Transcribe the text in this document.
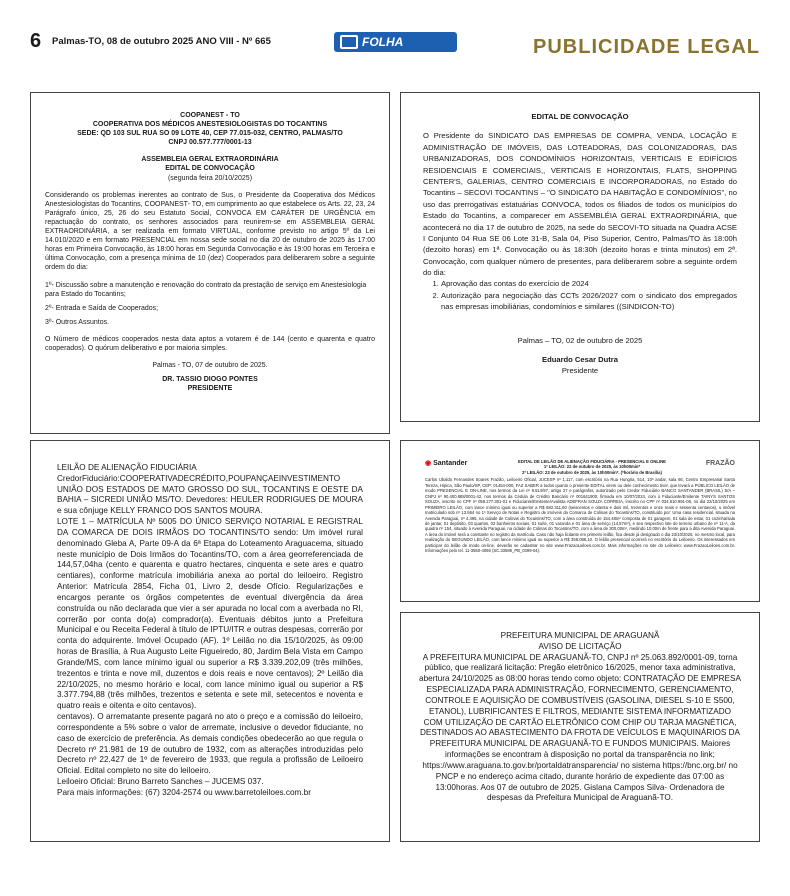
6 Palmas-TO, 08 de outubro 2025 ANO VIII - Nº 665	FOLHA CAPITAL
PUBLICIDADE LEGAL
COOPANEST - TO
COOPERATIVA DOS MÉDICOS ANESTESIOLOGISTAS DO TOCANTINS
SEDE: QD 103 SUL RUA SO 09 LOTE 40, CEP 77.015-032, CENTRO, PALMAS/TO
CNPJ 00.577.777/0001-13
ASSEMBLEIA GERAL EXTRAORDINÁRIA
EDITAL DE CONVOCAÇÃO
(segunda feira 20/10/2025)

Considerando os problemas inerentes ao contrato de Sus, o Presidente da Cooperativa dos Médicos Anestesiologistas do Tocantins, COOPANEST- TO, em cumprimento ao que estabelece os Arts. 22, 23, 24 Parágrafo único, 25, 26 do seu Estatuto Social, CONVOCA EM CARÁTER DE URGÊNCIA em repactuação do contrato, os senhores associados para reunirem-se em ASSEMBLEIA GERAL EXTRAORDINÁRIA, a ser realizada em formato VIRTUAL, conforme previsto no artigo 5º da Lei 14.010/2020 e em formato PRESENCIAL em nossa sede social no dia 20 de outubro de 2025 às 17:00 horas em Primeira Convocação, às 18:00 horas em Segunda Convocação e às 19:00 horas em Terceira e última Convocação, com a presença mínima de 10 (dez) Cooperados para deliberarem sobre a seguinte ordem do dia:

1º- Discussão sobre a manutenção e renovação do contrato da prestação de serviço em Anestesiologia para Estado do Tocantins;

2º- Entrada e Saída de Cooperados;

3º- Outros Assuntos.

O Número de médicos cooperados nesta data aptos a votarem é de 144 (cento e quarenta e quatro cooperados). O quórum deliberativo e por maioria simples.

Palmas - TO, 07 de outubro de 2025.

DR. TASSIO DIOGO PONTES

PRESIDENTE

EDITAL DE CONVOCAÇÃO

O Presidente do SINDICATO DAS EMPRESAS DE COMPRA, VENDA, LOCAÇÃO E ADMINISTRAÇÃO DE IMÓVEIS, DAS LOTEADORAS, DAS COLONIZADORAS, DAS URBANIZADORAS, DOS CONDOMÍNIOS HORIZONTAIS, VERTICAIS E EDIFÍCIOS RESIDENCIAIS E COMERCIAIS,, VERTICAIS E HORIZONTAIS, FLATS, SHOPPING CENTER'S, GALERIAS, CENTRO COMERCIAIS E INCORPORADORAS, no Estado do Tocantins – SECOVI TOCANTINS – "O SINDICATO DA HABITAÇÃO E CONDOMÍNIOS", no uso das prerrogativas estatuárias CONVOCA, todos os filiados de todos os municípios do Estado do Tocantins, a comparecer em ASSEMBLÉIA GERAL EXTRAORDINÁRIA, que acontecerá no dia 17 de outubro de 2025, na sede do SECOVI-TO situada na Quadra ACSE I Conjunto 04 Rua SE 06 Lote 31-B, Sala 04, Piso Superior, Centro, Palmas/TO às 18:00h (dezoito horas) em 1ª. Convocação ou às 18:30h (dezoito horas e trinta minutos) em 2ª. Convocação, com qualquer número de presentes, para deliberarem sobre a seguinte ordem do dia:

1. Aprovação das contas do exercício de 2024
2. Autorização para negociação das CCTs 2026/2027 com o sindicato dos empregados nas empresas imobiliárias, condomínios e similares ((SINDICON-TO)

Palmas – TO, 02 de outubro de 2025

Eduardo Cesar Dutra

Presidente

LEILÃO DE ALIENAÇÃO FIDUCIÁRIA

CredorFiduciário:COOPERATIVADECRÉDITO,POUPANÇAEINVESTIMENTO UNIÃO DOS ESTADOS DE MATO GROSSO DO SUL, TOCANTINS E OESTE DA BAHIA – SICREDI UNIÃO MS/TO. Devedores: HEULER RODRIGUES DE MOURA e sua cônjuge KELLY FRANCO DOS SANTOS MOURA.

LOTE 1 – MATRÍCULA Nº 5005 DO ÚNICO SERVIÇO NOTARIAL E REGISTRAL DA COMARCA DE DOIS IRMÃOS DO TOCANTINS/TO sendo: Um imóvel rural denominado Gleba A, Parte 09-A da 6ª Etapa do Loteamento Araguacema, situado neste município de Dois Irmãos do Tocantins/TO, com a área georreferenciada de 144,57,04ha (cento e quarenta e quatro hectares, cinquenta e sete ares e quatro centiares), conforme matrícula imobiliária anexa ao portal do leiloeiro. Registro Anterior: Matrícula 2854, Ficha 01, Livro 2, desde Ofício. Regularizações e encargos perante os órgãos competentes de eventual divergência da área construída ou não declarada que vier a ser apurada no local com a averbada no RI, correrão por conta do(a) comprador(a). Eventuais débitos junto a Prefeitura Municipal e ou Receita Federal à título de IPTU/ITR e outras despesas, correrão por conta do adquirente. Imóvel Ocupado (AF). 1º Leilão no dia 15/10/2025, às 09:00 horas de Brasília, à Rua Augusto Leite Figueiredo, 80, Jardim Bela Vista em Campo Grande/MS, com lance mínimo igual ou superior a R$ 3.339.202,09 (três milhões, trezentos e trinta e nove mil, duzentos e dois reais e nove centavos); 2º Leilão dia 22/10/2025, no mesmo horário e local, com lance mínimo igual ou superior a R$ 3.377.794,88 (três milhões, trezentos e setenta e sete mil, setecentos e noventa e quatro reais e oitenta e oito centavos).

centavos). O arrematante presente pagará no ato o preço e a comissão do leiloeiro, correspondente a 5% sobre o valor de arremate, inclusive o devedor fiduciante, no caso de exercício de preferência. As demais condições obedecerão ao que regula o Decreto nº 21.981 de 19 de outubro de 1932, com as alterações introduzidas pelo Decreto nº 22.427 de 1º de fevereiro de 1933, que regula a profissão de Leiloeiro Oficial. Edital completo no site do leiloeiro.

Leiloeiro Oficial: Bruno Barreto Sanches – JUCEMS 037.

Para mais informações: (67) 3204-2574 ou www.barretoleiloes.com.br

◉ Santander	EDITAL DE LEILÃO DE ALIENAÇÃO FIDUCIÁRIA - PRESENCIAL E ONLINE
1º LEILÃO: 22 de outubro de 2025, às 10h00min*
2º LEILÃO: 23 de outubro de 2025, às 10h00min*. (*horário de Brasília)
FRAZÃO

Carlos Ubaldo Fernandes Soares Frazão, Leiloeiro Oficial, JUCESP nº 1.117, com escritório na Rua Hungria, 514, 10º andar, sala 66, Centro Empresarial Santa Tereza, Hipica, São Paulo/SP, CEP: 01454-000, FAZ SABER a todos quanto o presente EDITAL virem ou dele conhecimento tiver, que levará a PÚBLICO LEILÃO de modo PRESENCIAL E ON-LINE, nos termos da Lei nº 9.514/97, artigo 27 e parágrafos, autorizado pelo Credor Fiduciário BANCO SANTANDER (BRASIL) S/A – CNPJ nº 90.400.888/0001-42, nos termos da Cédula de Crédito Bancário nº 001641900, firmada em 10/07/2024, com o Fiduciante/Emitente TAINYS SANTOS SOUZA, inscrito no CPF nº 059.277.301-01 e Fiduciante/Emitente/Avalista ADEFRAN SOUZA CORREIA, inscrito no CPF nº 034.610.991-06, no dia 22/10/2025 em PRIMEIRO LEILÃO, com lance mínimo igual ou superior a R$ 682.311,60 (seiscentos e oitenta e dois mil, trezentos e onze reais e sessenta centavos), o imóvel matriculado sob nº 13.564 no 1º Serviço de Notas e Registro de Imóveis da Comarca de Colinas do Tocantins/TO, constituído por: Uma casa residencial, situada na Avenida Paraguai, nº 4.495, na cidade de Colinas do Tocantins/TO, com a área construída de 154,48m² composta de 01 garagem, 01 sala de estar, 01 cozinha/sala de jantar, 01 depósito, 03 quartos, 02 banheiros sociais, 01 suíte, 01 varanda e 01 área de serviço (14,57m²), e seu respectivo lote de terreno urbano de nº 11-A, da quadra nº 154, situado à Avenida Paraguai, na cidade de Colinas do Tocantins/TO, com a área de 300,00m², medindo 10,00m de frente para a dita Avenida Paraguai. A área do imóvel será a constante no registro da matrícula. Caso não haja licitante em primeiro leilão, fica desde já designado o dia 23/10/2025, no mesmo local, para realização do SEGUNDO LEILÃO, com lance mínimo igual ou superior a R$ 356.086,10. O leilão presencial ocorrerá no escritório do Leiloeiro. Os interessados em participar do leilão de modo on-line, deverão se cadastrar no site www.FrazaoLeiloes.com.br. Mais informações no site do Leiloeiro: www.FrazaoLeiloes.com.br. Informações pelo tel. 11-3550-4066 (SC.33589_PB_0399-04).

PREFEITURA MUNICIPAL DE ARAGUANÃ

AVISO DE LICITAÇÃO

A PREFEITURA MUNICIPAL DE ARAGUANÃ-TO, CNPJ nº 25.063.892/0001-09, torna público, que realizará licitação: Pregão eletrônico 16/2025, menor taxa administrativa, abertura 24/10/2025 as 08:00 horas tendo como objeto: CONTRATAÇÃO DE EMPRESA ESPECIALIZADA PARA ADMINISTRAÇÃO, FORNECIMENTO, GERENCIAMENTO, CONTROLE E AQUISIÇÃO DE COMBUSTÍVEIS (GASOLINA, DIESEL S-10 E S500, ETANOL), LUBRIFICANTES E FILTROS, MEDIANTE SISTEMA INFORMATIZADO COM UTILIZAÇÃO DE CARTÃO ELETRÔNICO COM CHIP OU TARJA MAGNÉTICA, DESTINADOS AO ABASTECIMENTO DA FROTA DE VEÍCULOS E MAQUINÁRIOS DA PREFEITURA MUNICIPAL DE ARAGUANÃ-TO E FUNDOS MUNICIPAIS. Maiores informações se encontram à disposição no portal da transparência no link; https://www.araguana.to.gov.br/portaldatransparencia/ no sistema https://bnc.org.br/ no PNCP e no endereço acima citado, durante horário de expediente das 07:00 as 13:00horas. Aos 07 de outubro de 2025. Gislana Campos Silva- Ordenadora de despesas da Prefeitura Municipal de Araguanã-TO.
